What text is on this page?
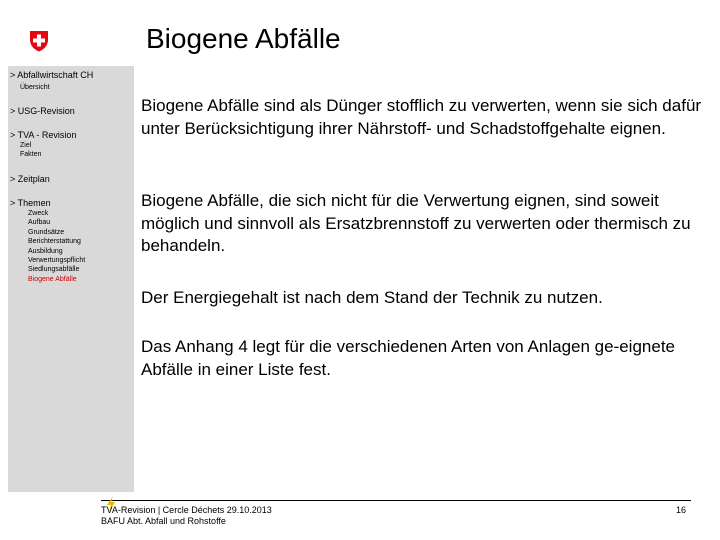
Biogene Abfälle
> Abfallwirtschaft CH
Übersicht
> USG-Revision
> TVA - Revision
Ziel
Fakten
> Zeitplan
> Themen
Zweck
Aufbau
Grundsätze
Berichterstattung
Ausbildung
Verwertungspflicht
Siedlungsabfälle
Biogene Abfälle
Biogene Abfälle sind als Dünger stofflich zu verwerten, wenn sie sich dafür unter Berücksichtigung ihrer Nährstoff- und Schadstoffgehalte eignen.
Biogene Abfälle, die sich nicht für die Verwertung eignen, sind soweit möglich und sinnvoll als Ersatzbrennstoff zu verwerten oder thermisch zu behandeln.
Der Energiegehalt ist nach dem Stand der Technik zu nutzen.
Das Anhang 4 legt für die verschiedenen Arten von Anlagen ge-eignete Abfälle in einer Liste fest.
TVA-Revision | Cercle Déchets 29.10.2013
BAFU Abt. Abfall und Rohstoffe
16
